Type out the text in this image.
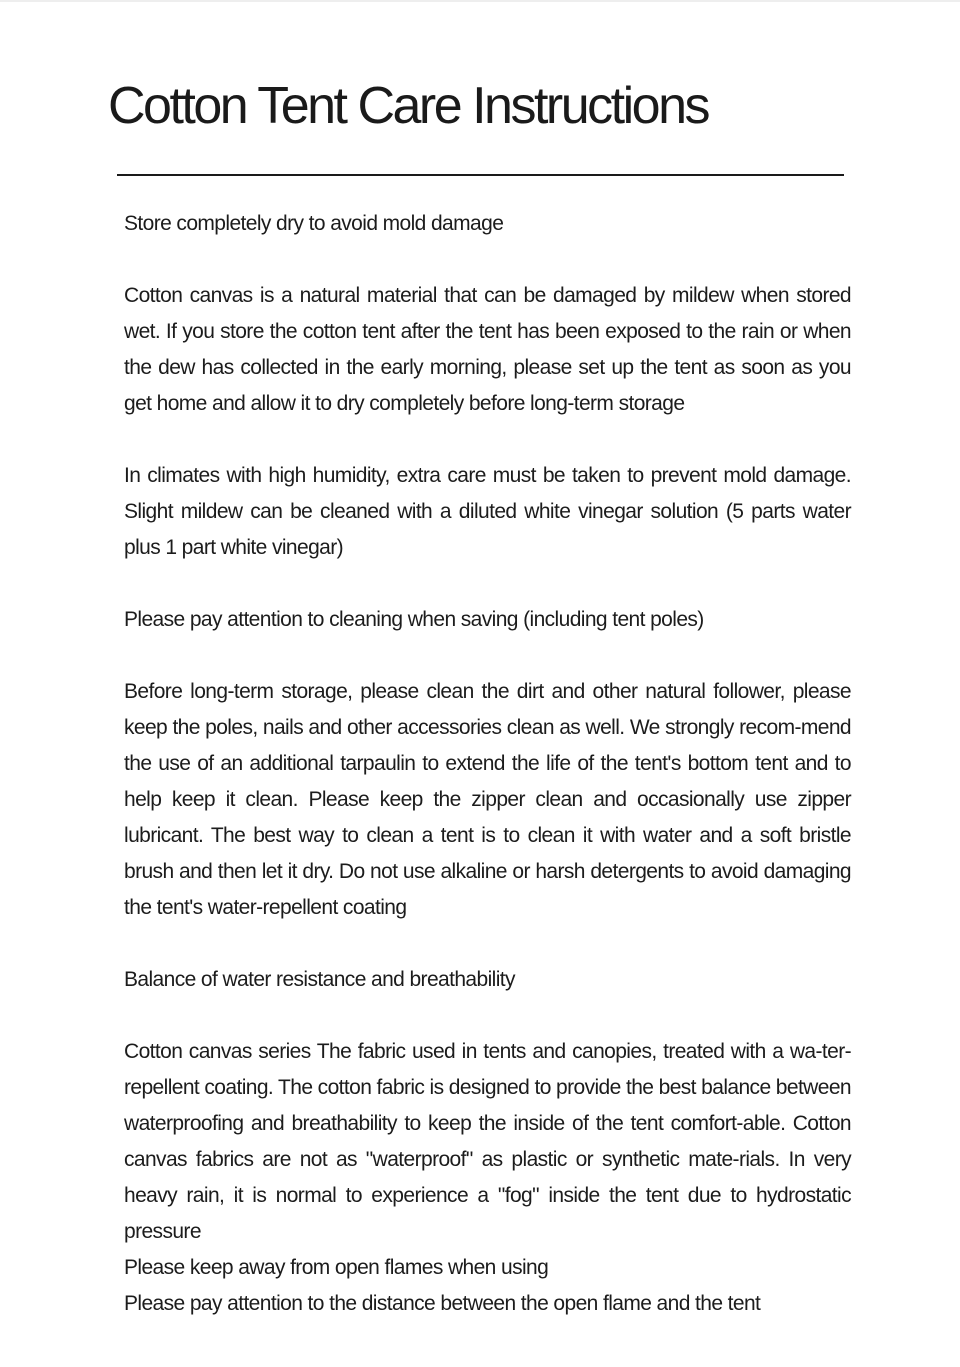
Cotton Tent Care Instructions

Store completely dry to avoid mold damage

Cotton canvas is a natural material that can be damaged by mildew when stored wet. If you store the cotton tent after the tent has been exposed to the rain or when the dew has collected in the early morning, please set up the tent as soon as you get home and allow it to dry completely before long-term storage

In climates with high humidity, extra care must be taken to prevent mold damage. Slight mildew can be cleaned with a diluted white vinegar solution (5 parts water plus 1 part white vinegar)

Please pay attention to cleaning when saving (including tent poles)

Before long-term storage, please clean the dirt and other natural follower, please keep the poles, nails and other accessories clean as well. We strongly recom-mend the use of an additional tarpaulin to extend the life of the tent's bottom tent and to help keep it clean. Please keep the zipper clean and occasionally use zipper lubricant. The best way to clean a tent is to clean it with water and a soft bristle brush and then let it dry. Do not use alkaline or harsh detergents to avoid damaging the tent's water-repellent coating

Balance of water resistance and breathability

Cotton canvas series The fabric used in tents and canopies, treated with a wa-ter-repellent coating. The cotton fabric is designed to provide the best balance between waterproofing and breathability to keep the inside of the tent comfort-able. Cotton canvas fabrics are not as "waterproof" as plastic or synthetic mate-rials. In very heavy rain, it is normal to experience a "fog" inside the tent due to hydrostatic pressure

Please keep away from open flames when using

Please pay attention to the distance between the open flame and the tent
